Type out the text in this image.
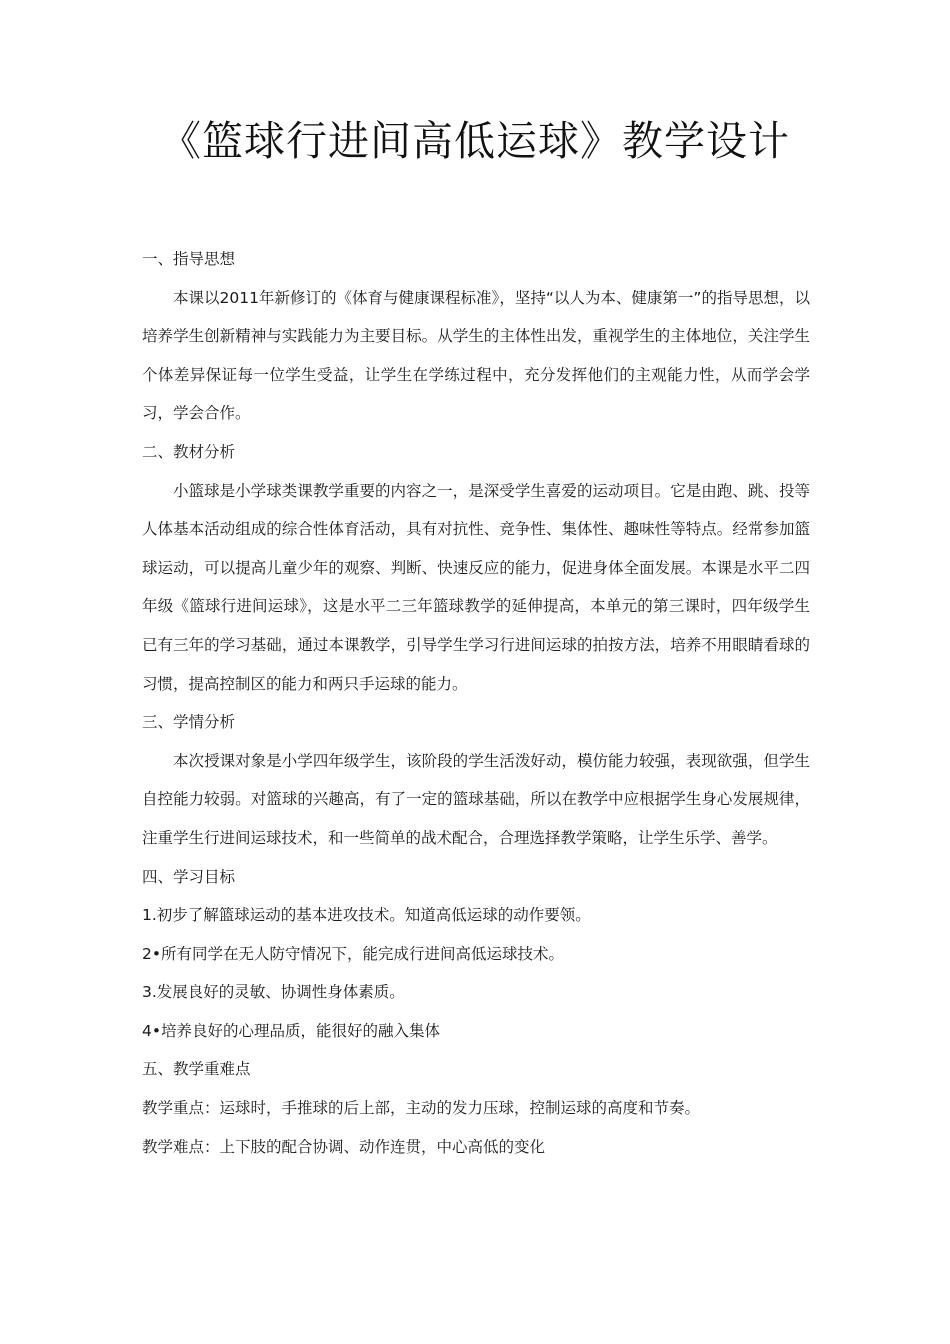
《篮球行进间高低运球》教学设计

一、指导思想

本课以2011年新修订的《体育与健康课程标准》，坚持“以人为本、健康第一”的指导思想，以培养学生创新精神与实践能力为主要目标。从学生的主体性出发，重视学生的主体地位，关注学生个体差异保证每一位学生受益，让学生在学练过程中，充分发挥他们的主观能力性，从而学会学习，学会合作。

二、教材分析

小篮球是小学球类课教学重要的内容之一，是深受学生喜爱的运动项目。它是由跑、跳、投等人体基本活动组成的综合性体育活动，具有对抗性、竞争性、集体性、趣味性等特点。经常参加篮球运动，可以提高儿童少年的观察、判断、快速反应的能力，促进身体全面发展。本课是水平二四年级《篮球行进间运球》，这是水平二三年篮球教学的延伸提高，本单元的第三课时，四年级学生已有三年的学习基础，通过本课教学，引导学生学习行进间运球的拍按方法，培养不用眼睛看球的习惯，提高控制区的能力和两只手运球的能力。

三、学情分析

本次授课对象是小学四年级学生，该阶段的学生活泼好动，模仿能力较强，表现欲强，但学生自控能力较弱。对篮球的兴趣高，有了一定的篮球基础，所以在教学中应根据学生身心发展规律，注重学生行进间运球技术，和一些简单的战术配合，合理选择教学策略，让学生乐学、善学。

四、学习目标

1.初步了解篮球运动的基本进攻技术。知道高低运球的动作要领。

2•所有同学在无人防守情况下，能完成行进间高低运球技术。

3.发展良好的灵敏、协调性身体素质。

4•培养良好的心理品质，能很好的融入集体

五、教学重难点

教学重点：运球时，手推球的后上部，主动的发力压球，控制运球的高度和节奏。

教学难点：上下肢的配合协调、动作连贯，中心高低的变化
